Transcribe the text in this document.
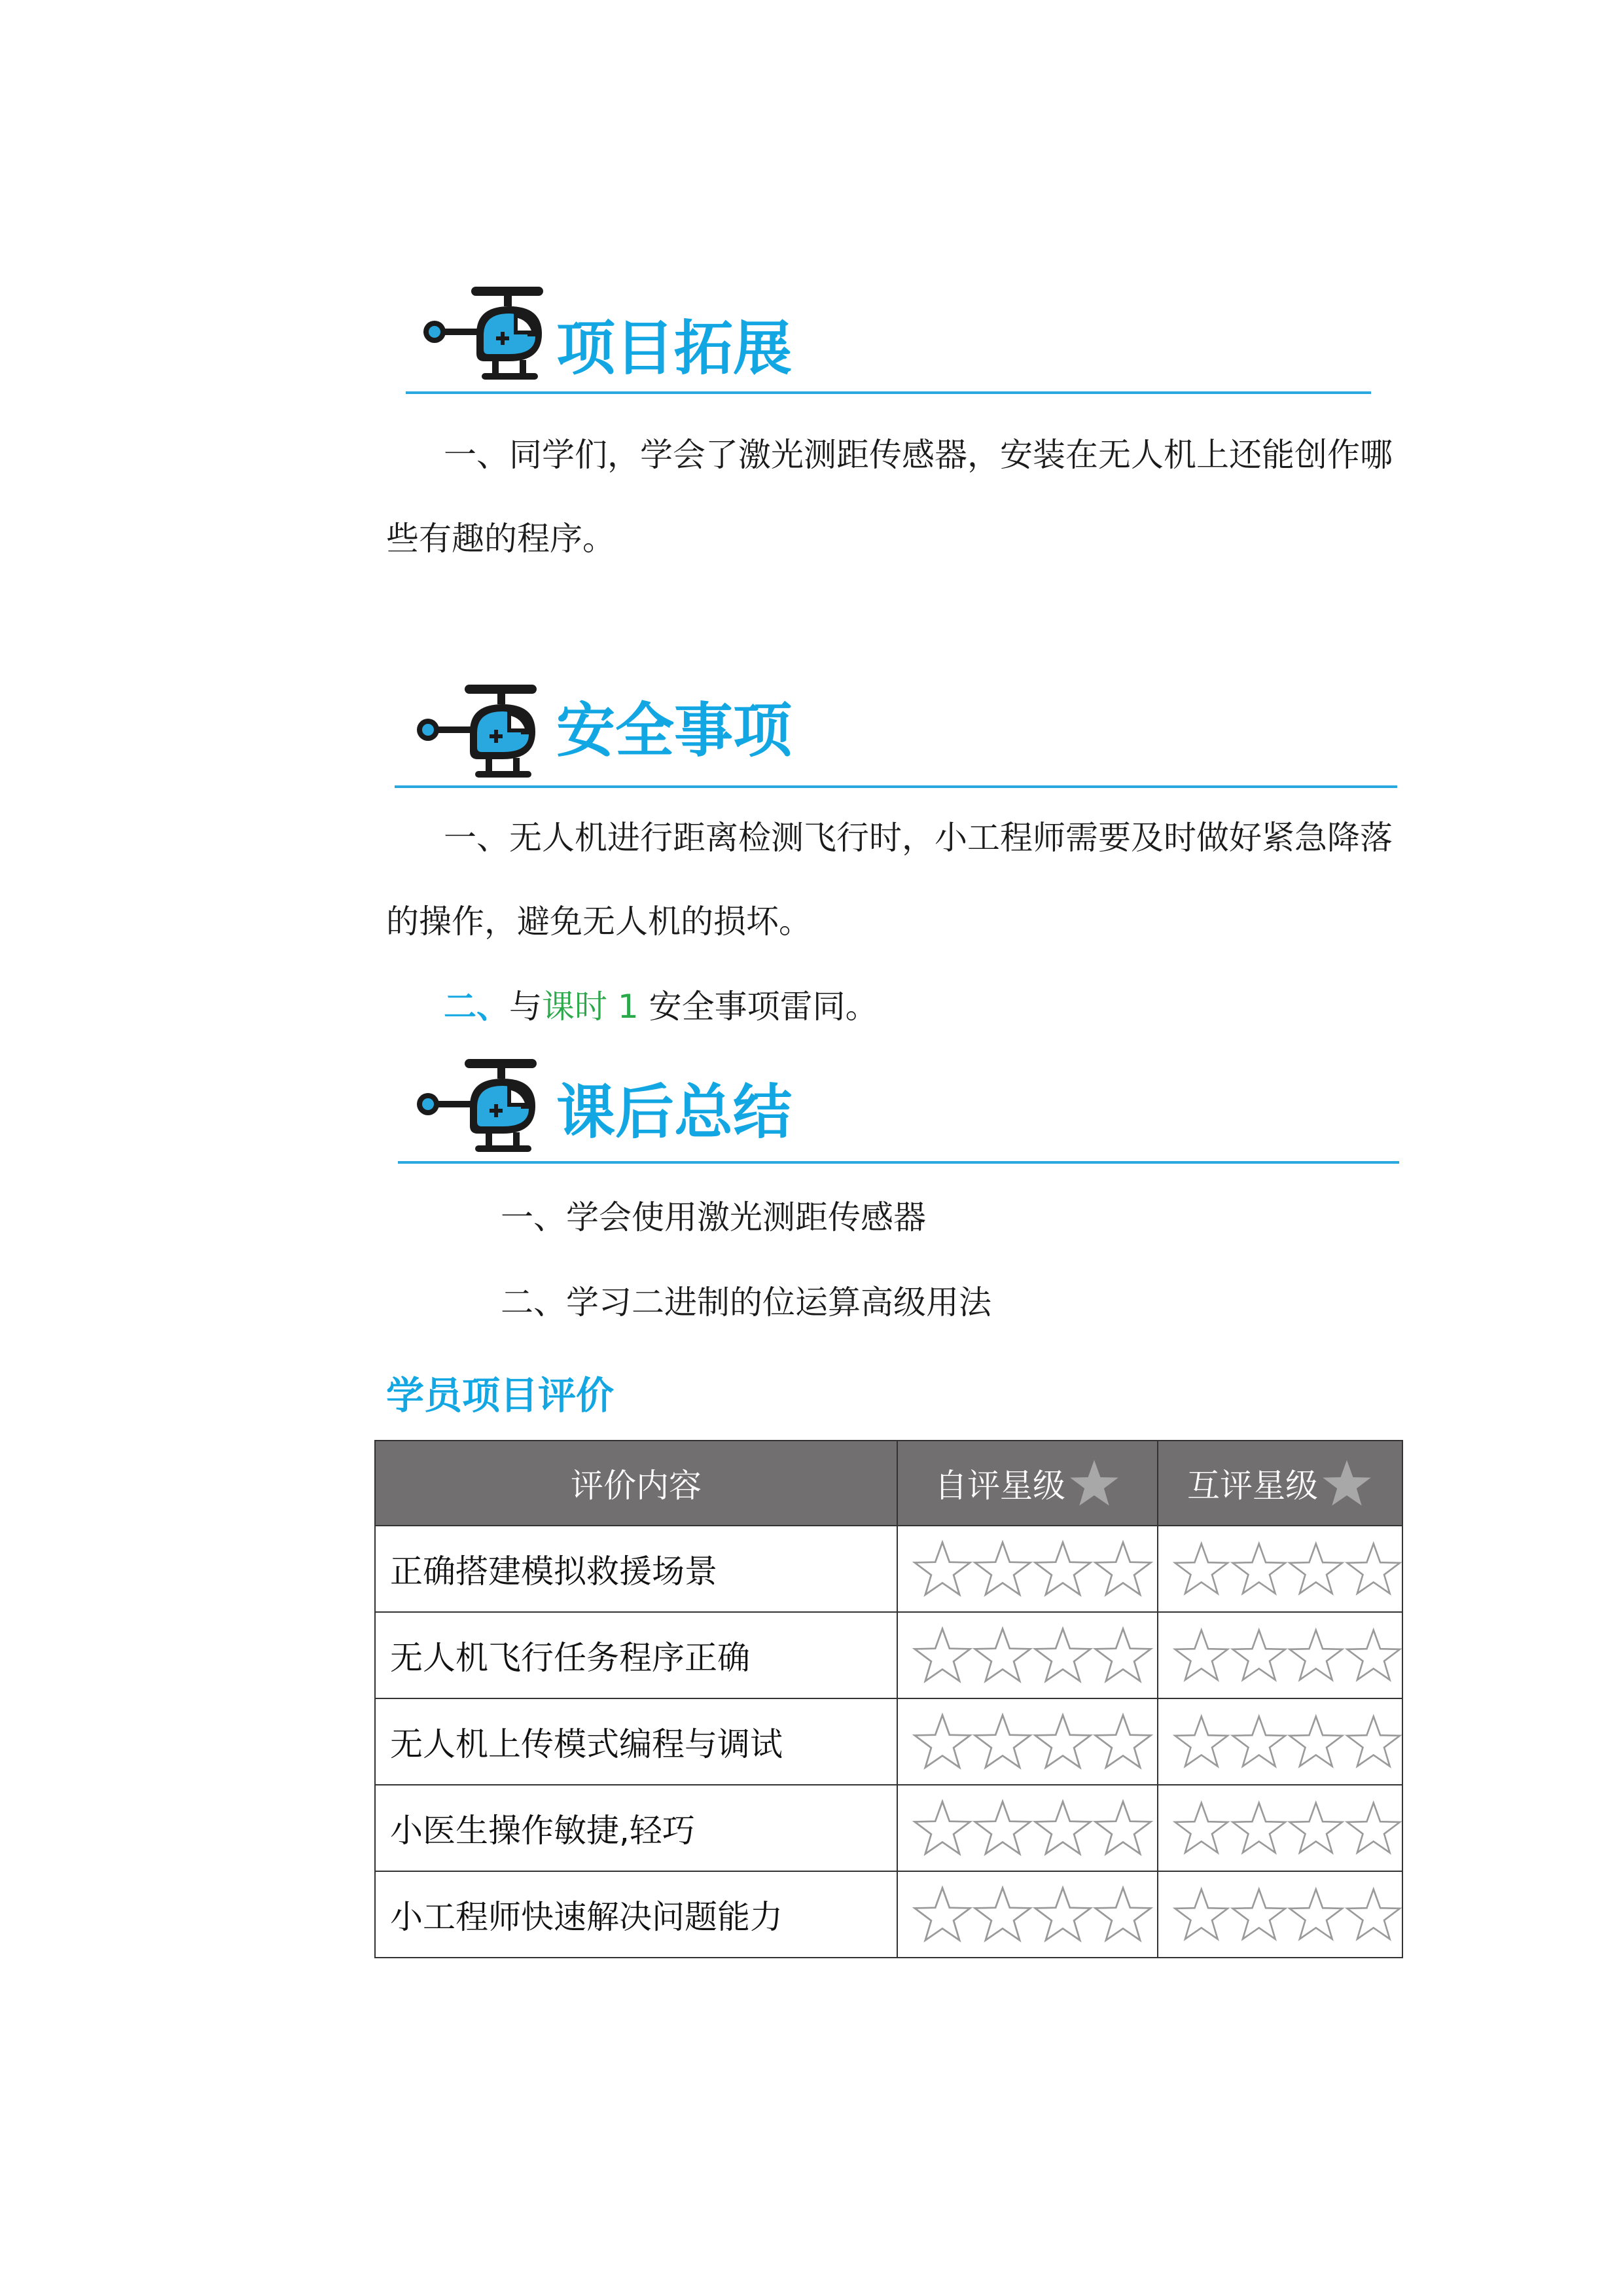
项目拓展
一、同学们，学会了激光测距传感器，安装在无人机上还能创作哪
些有趣的程序。
安全事项
一、无人机进行距离检测飞行时，小工程师需要及时做好紧急降落
的操作，避免无人机的损坏。
二、与课时 1 安全事项雷同。
课后总结
一、学会使用激光测距传感器
二、学习二进制的位运算高级用法
学员项目评价
评价内容	自评星级	互评星级

正确搭建模拟救援场景	

无人机飞行任务程序正确	

无人机上传模式编程与调试	

小医生操作敏捷,轻巧	

小工程师快速解决问题能力	
